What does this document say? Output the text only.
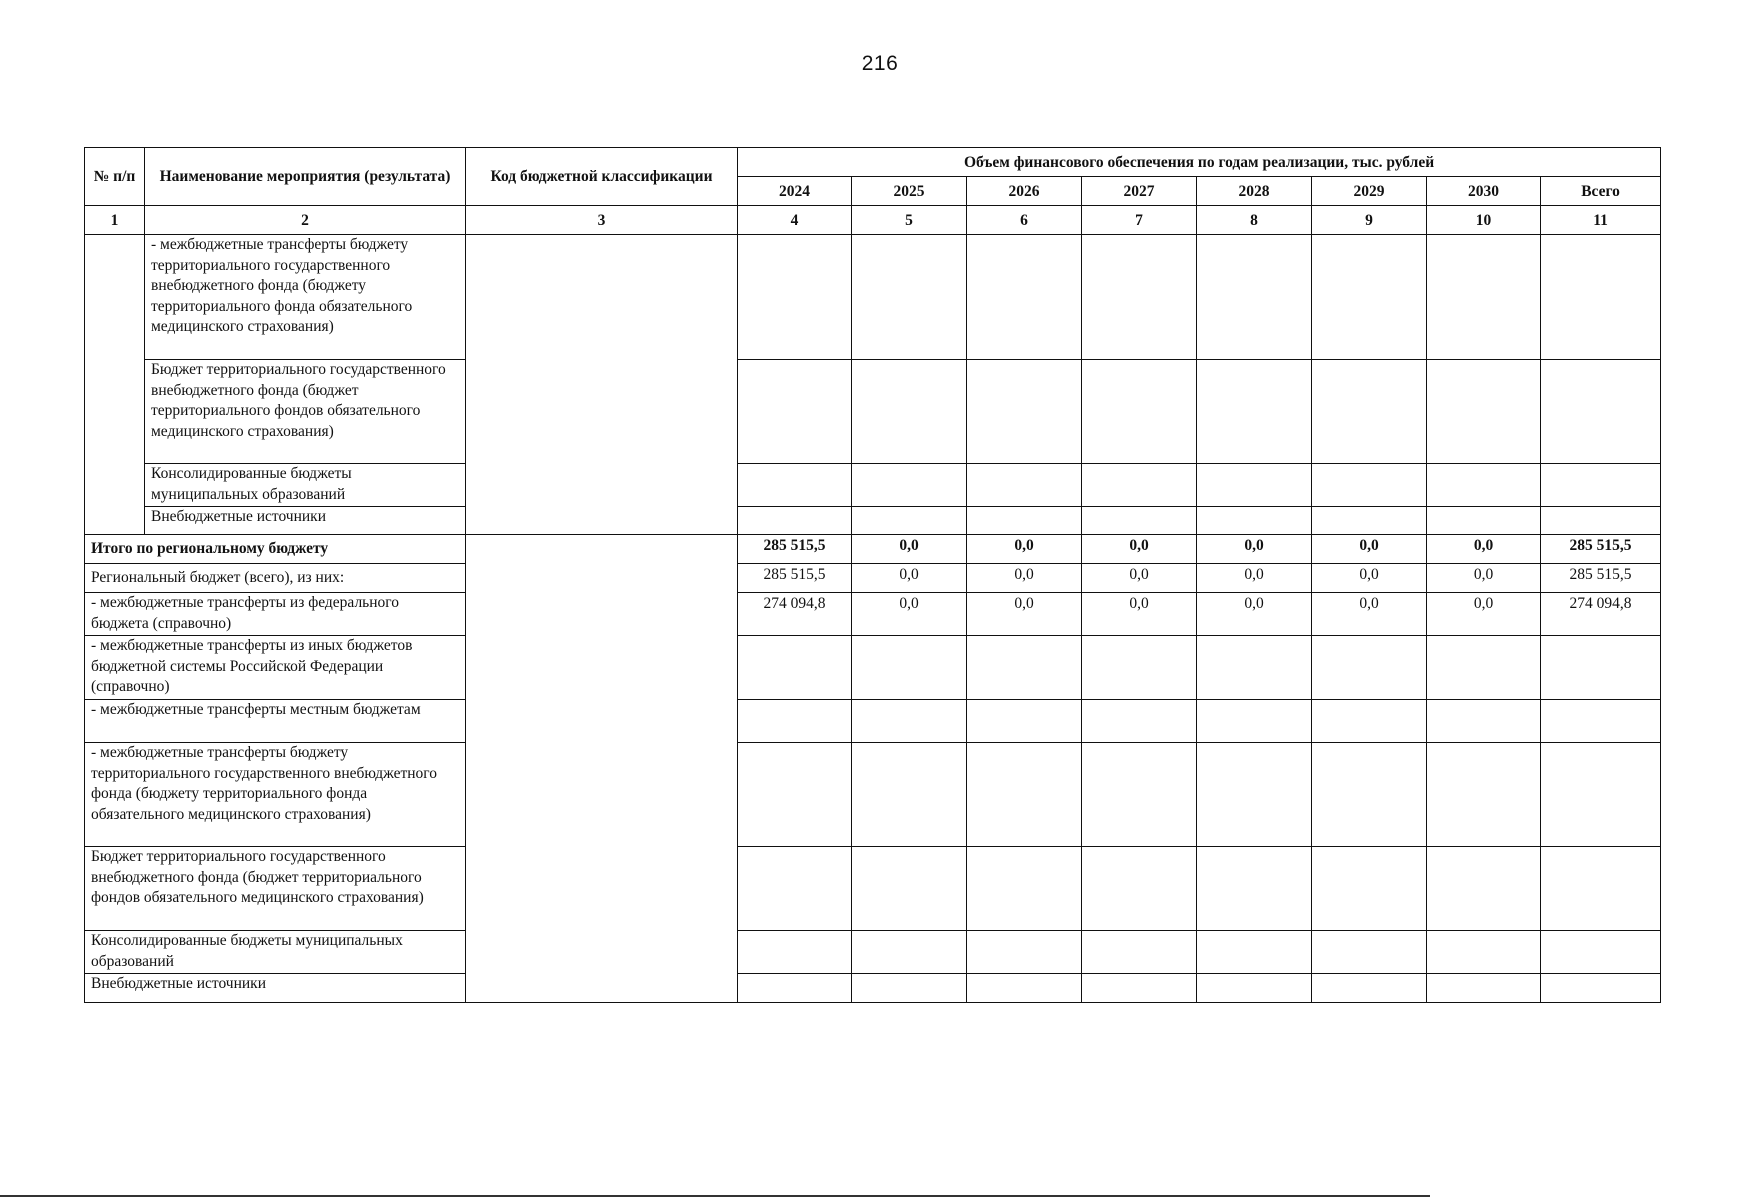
216
№ п/п	Наименование мероприятия (результата)	Код бюджетной классификации	Объем финансового обеспечения по годам реализации, тыс. рублей							
			2024	2025	2026	2027	2028	2029	2030	Всего
1	2	3	4	5	6	7	8	9	10	11
	- межбюджетные трансферты бюджету территориального государственного внебюджетного фонда (бюджету территориального фонда обязательного медицинского страхования)									
	Бюджет территориального государственного внебюджетного фонда (бюджет территориального фондов обязательного медицинского страхования)									
	Консолидированные бюджеты муниципальных образований									
	Внебюджетные источники									
Итого по региональному бюджету			285 515,5	0,0	0,0	0,0	0,0	0,0	0,0	285 515,5
Региональный бюджет (всего), из них:			285 515,5	0,0	0,0	0,0	0,0	0,0	0,0	285 515,5
- межбюджетные трансферты из федерального бюджета (справочно)			274 094,8	0,0	0,0	0,0	0,0	0,0	0,0	274 094,8
- межбюджетные трансферты из иных бюджетов бюджетной системы Российской Федерации (справочно)										
- межбюджетные трансферты местным бюджетам										
- межбюджетные трансферты бюджету территориального государственного внебюджетного фонда (бюджету территориального фонда обязательного медицинского страхования)										
Бюджет территориального государственного внебюджетного фонда (бюджет территориального фондов обязательного медицинского страхования)										
Консолидированные бюджеты муниципальных образований										
Внебюджетные источники										
